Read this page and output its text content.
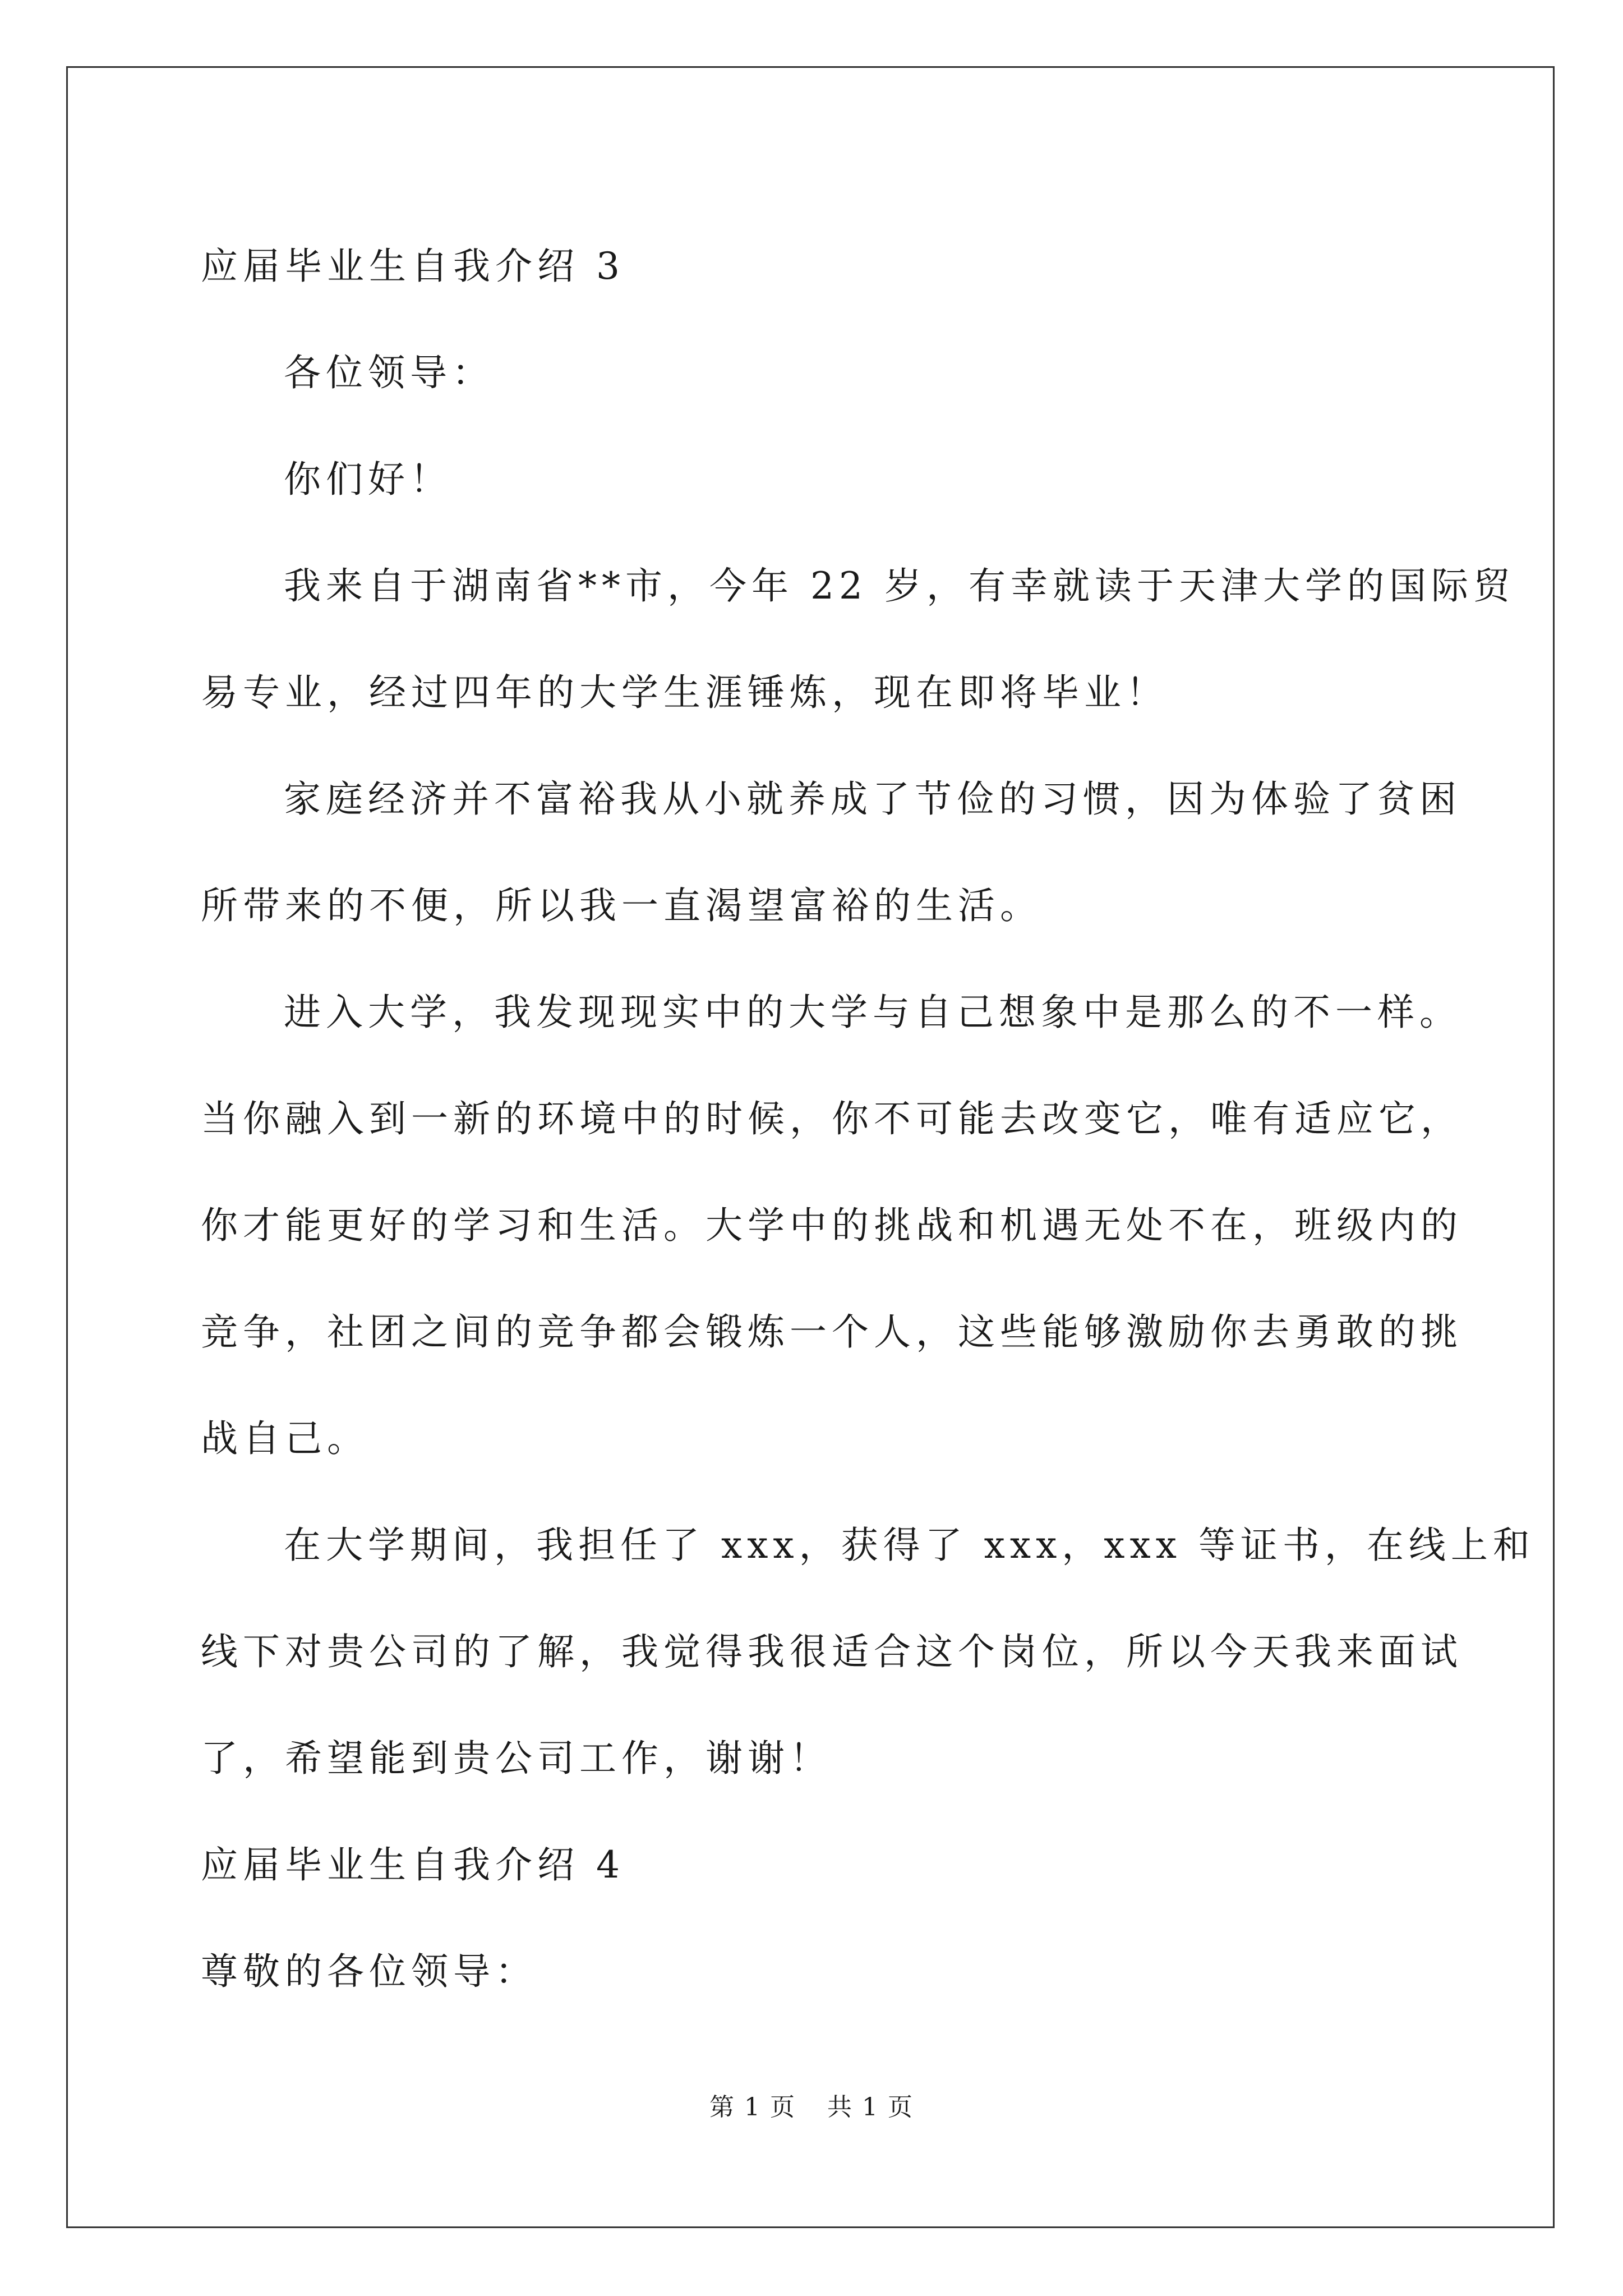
应届毕业生自我介绍 3

各位领导：

你们好！

我来自于湖南省**市，今年 22 岁，有幸就读于天津大学的国际贸

易专业，经过四年的大学生涯锤炼，现在即将毕业！

家庭经济并不富裕我从小就养成了节俭的习惯，因为体验了贫困

所带来的不便，所以我一直渴望富裕的生活。

进入大学，我发现现实中的大学与自己想象中是那么的不一样。

当你融入到一新的环境中的时候，你不可能去改变它，唯有适应它，

你才能更好的学习和生活。大学中的挑战和机遇无处不在，班级内的

竞争，社团之间的竞争都会锻炼一个人，这些能够激励你去勇敢的挑

战自己。

在大学期间，我担任了 xxx，获得了 xxx，xxx 等证书，在线上和

线下对贵公司的了解，我觉得我很适合这个岗位，所以今天我来面试

了，希望能到贵公司工作，谢谢！

应届毕业生自我介绍 4

尊敬的各位领导：

第 1 页 共 1 页
